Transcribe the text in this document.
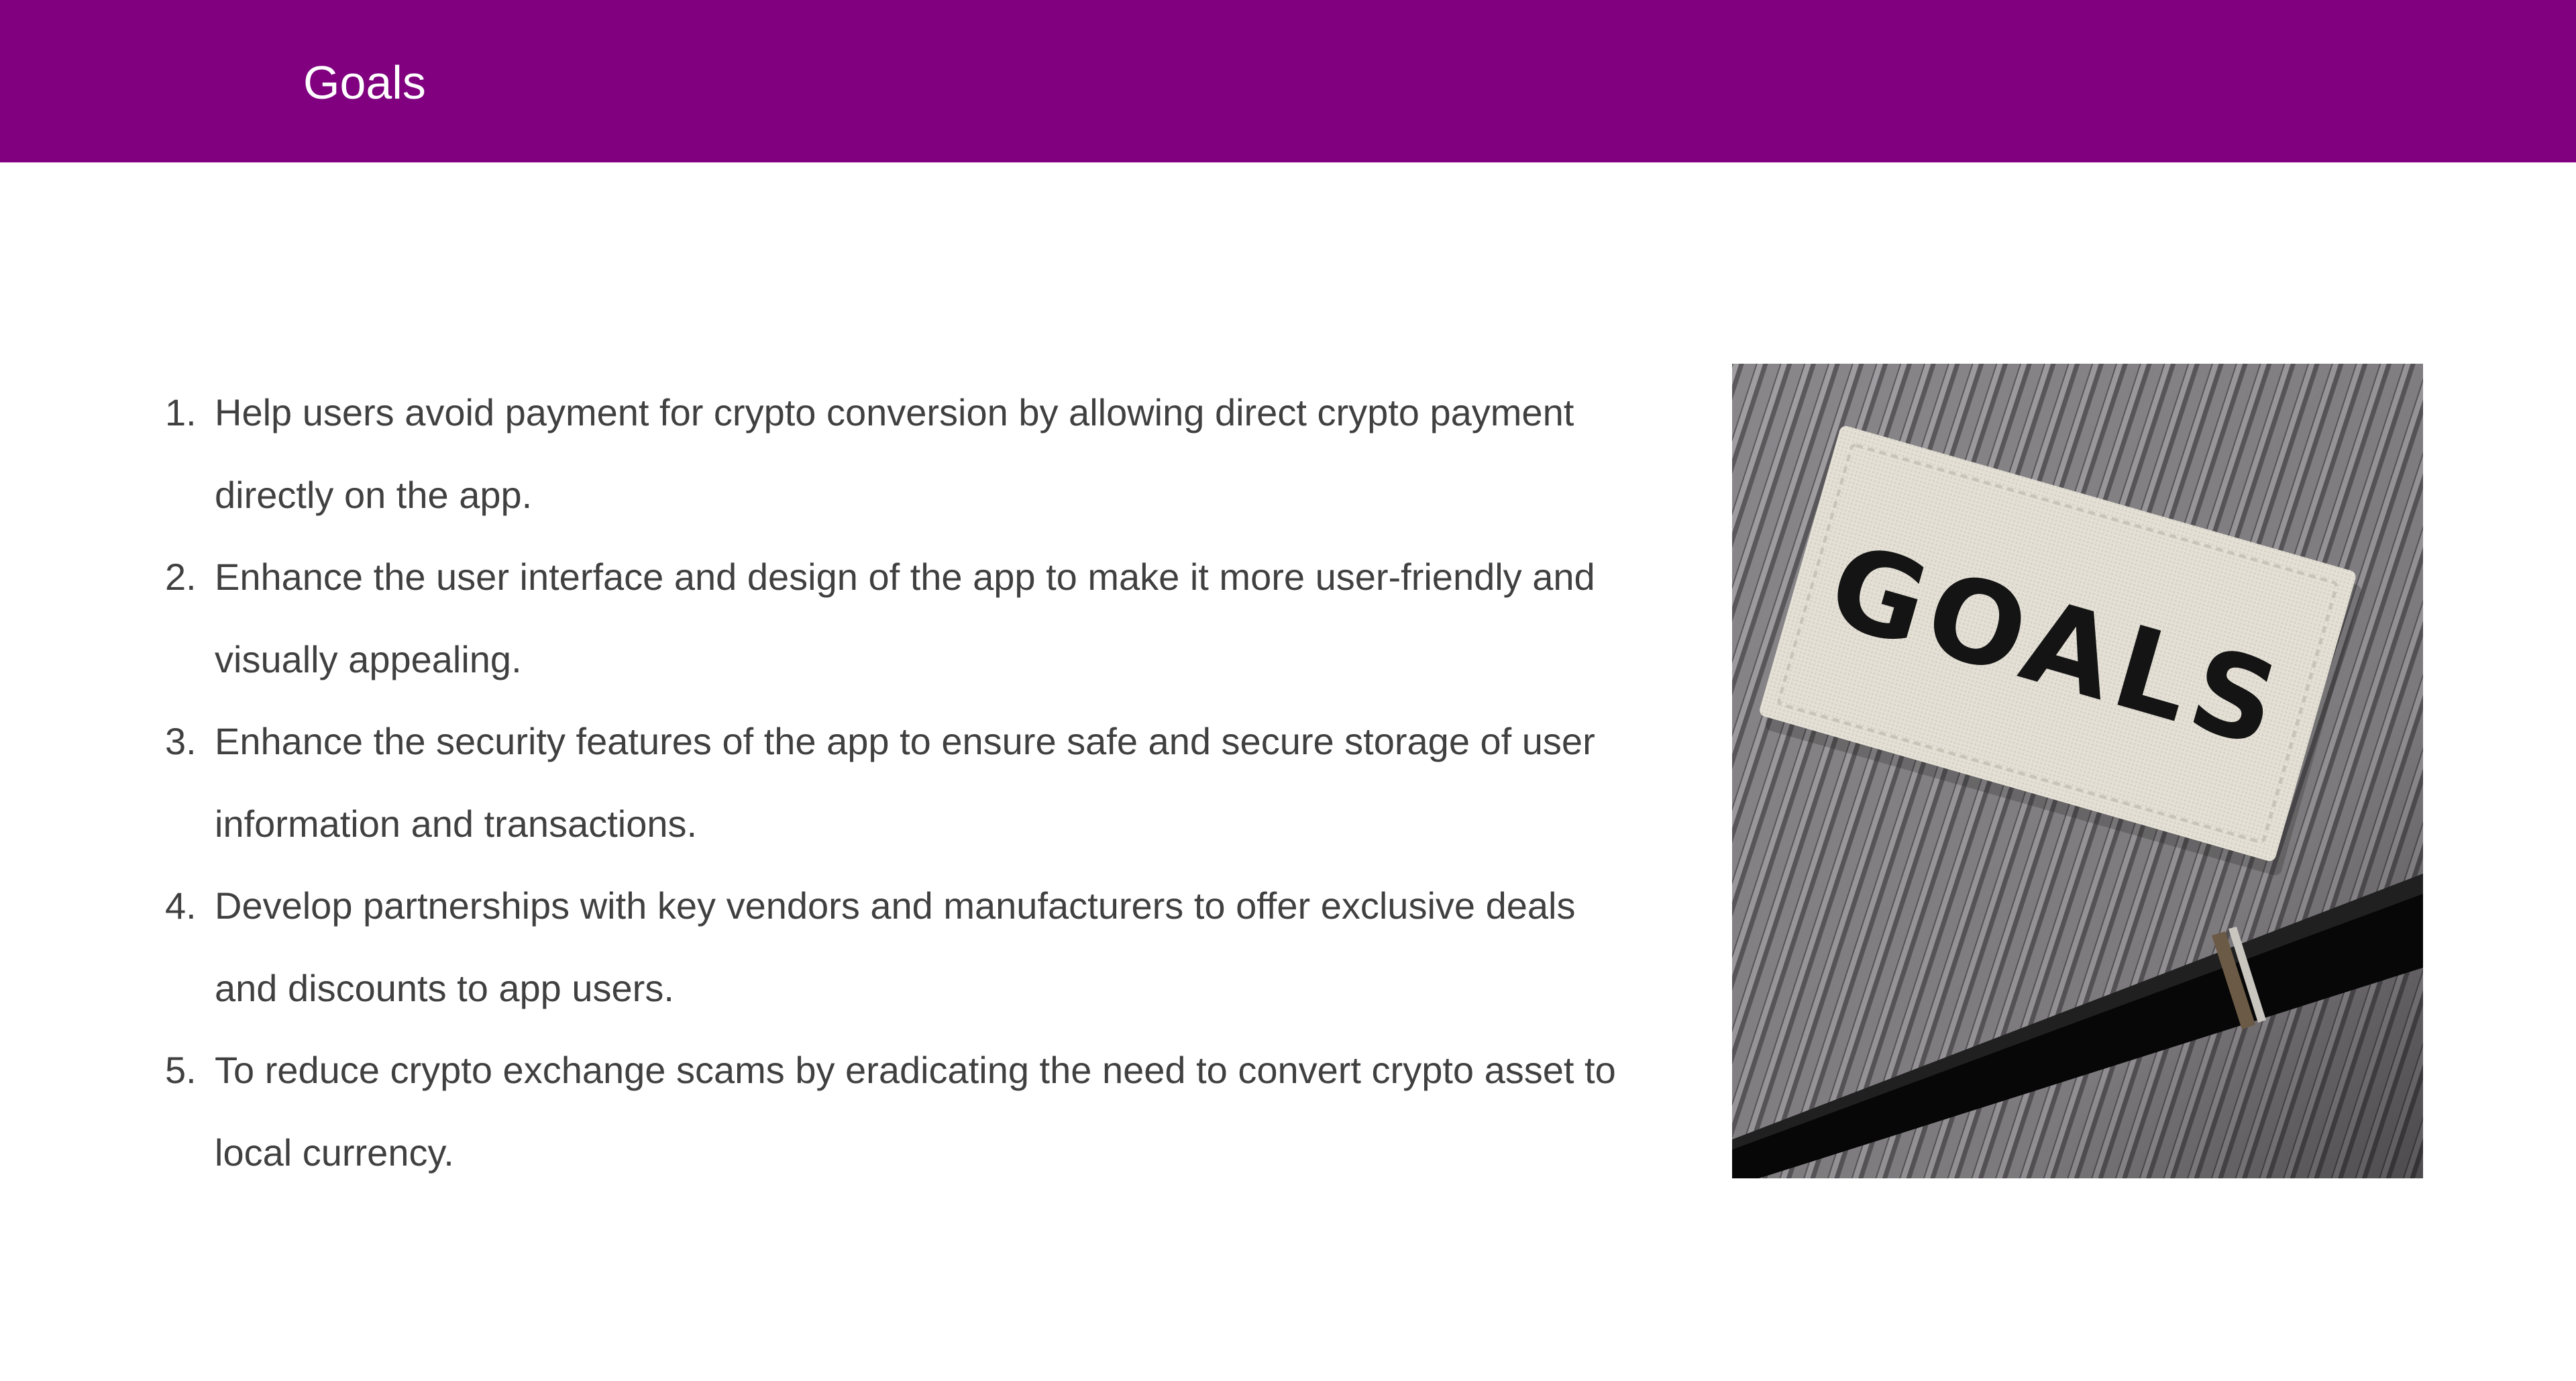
Goals
1. Help users avoid payment for crypto conversion by allowing direct crypto payment directly on the app.
2. Enhance the user interface and design of the app to make it more user-friendly and visually appealing.
3. Enhance the security features of the app to ensure safe and secure storage of user information and transactions.
4. Develop partnerships with key vendors and manufacturers to offer exclusive deals and discounts to app users.
5. To reduce crypto exchange scams by eradicating the need to convert crypto asset to local currency.
GOALS
